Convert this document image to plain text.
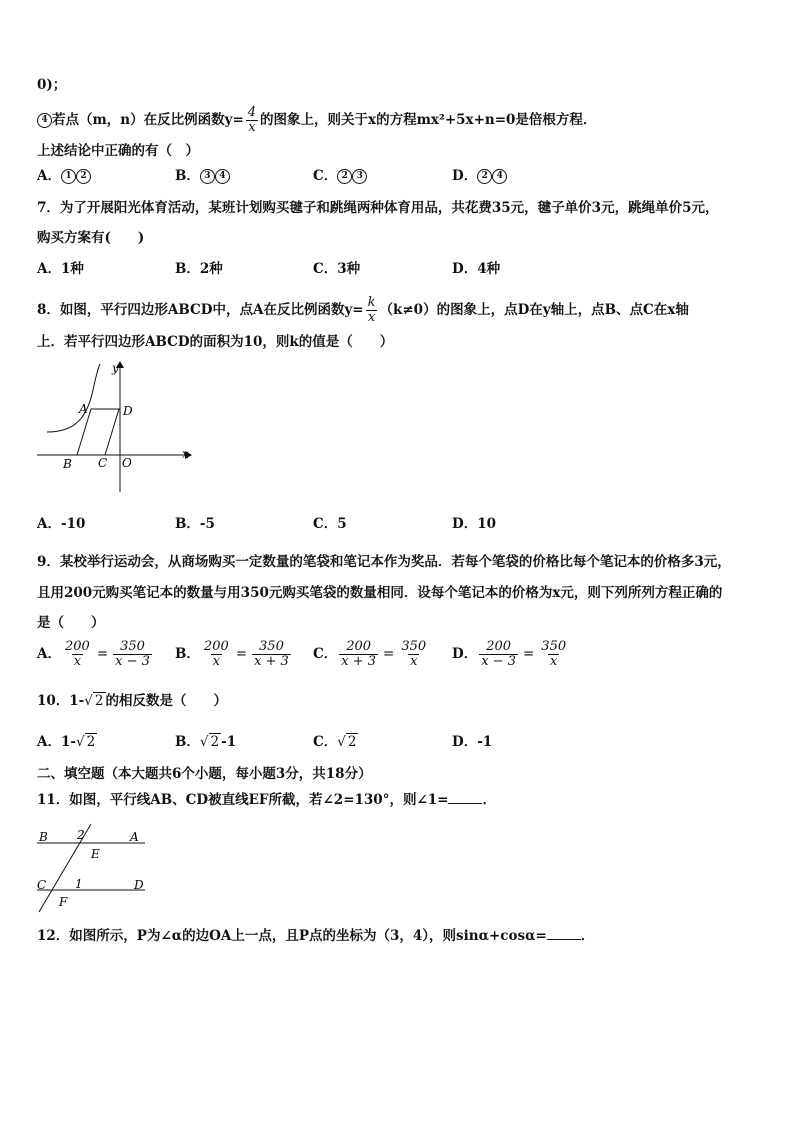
0)；
4 若点（m，n）在反比例函数$y= \frac{4}{x}$ 的图象上，则关于x的方程mx²+5x+n=0是倍根方程．
上述结论中正确的有（　）
A． 1 2	B． 3 4	C． 2 3	D． 2 4
7．为了开展阳光体育活动，某班计划购买毽子和跳绳两种体育用品，共花费35元，毽子单价3元，跳绳单价5元，
购买方案有(　　)
A．1种	B．2种	C．3种	D．4种
8．如图，平行四边形ABCD中，点A在反比例函数$y= \frac{k}{x} (k\ne 0)$的图象上，点D在y轴上，点B、点C在x轴
上．若平行四边形ABCD的面积为10，则k的值是（　　）
A	D
B C O
x
y
A．-10	B．-5	C．5	D．10
9．某校举行运动会，从商场购买一定数量的笔袋和笔记本作为奖品．若每个笔袋的价格比每个笔记本的价格多3元，
且用200元购买笔记本的数量与用350元购买笔袋的数量相同．设每个笔记本的价格为x元，则下列所列方程正确的
是（　　）
A． $\frac{200}{x} = \frac{350}{x - 3}$ B． $\frac{200}{x} = \frac{350}{x + 3}$ C． $\frac{200}{x + 3} = \frac{350}{x}$ D． $\frac{200}{x - 3} = \frac{350}{x}$
10．1-√ 2 的相反数是（　　）
A．1-√ 2	B．√ 2 -1	C．√ 2	D．-1
二、填空题（本大题共6个小题，每小题3分，共18分）
11．如图，平行线AB、CD被直线EF所截，若∠2=130°，则∠1=	．
B	A
2
E
C 1	D
F
12．如图所示，P为∠α的边OA上一点，且P点的坐标为（3，4），则sinα+cosα=	．
